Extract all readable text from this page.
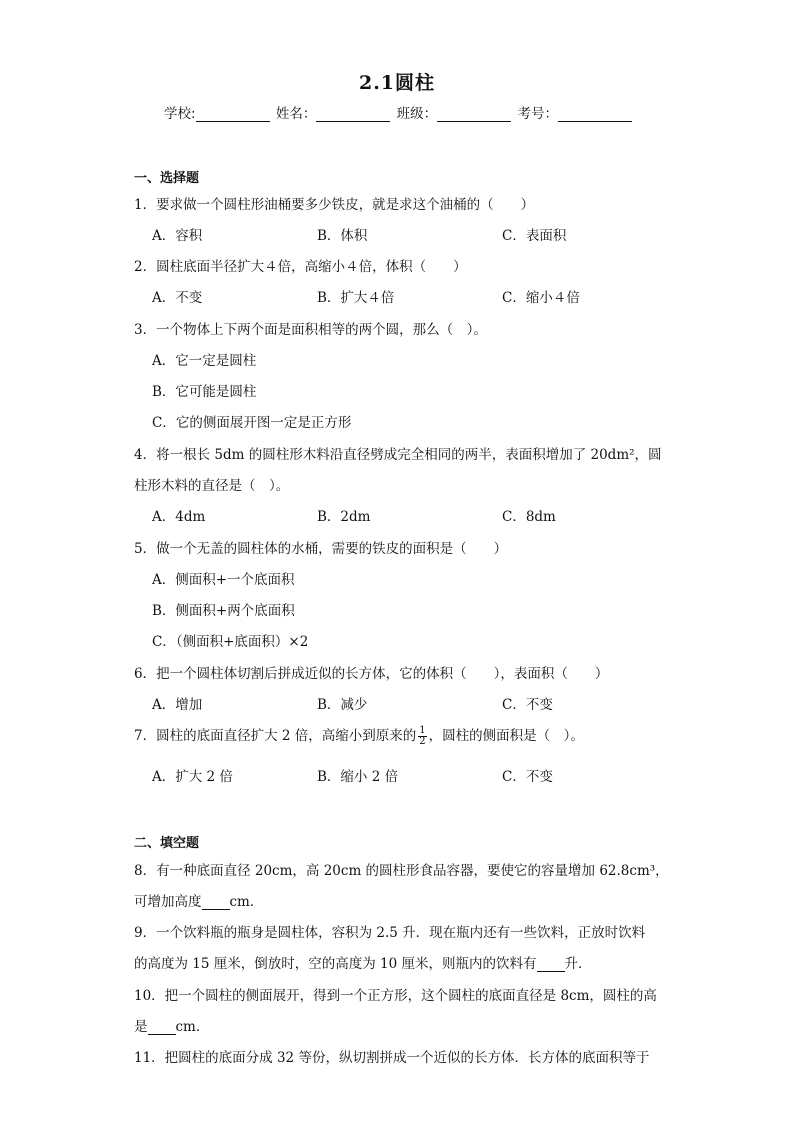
2.1圆柱
学校:	姓名：	班级：	考号：
一、选择题
1．要求做一个圆柱形油桶要多少铁皮，就是求这个油桶的（　　）
A．容积	B．体积	C．表面积
2．圆柱底面半径扩大４倍，高缩小４倍，体积（　　）
A．不变	B．扩大４倍	C．缩小４倍
3．一个物体上下两个面是面积相等的两个圆，那么（　）。
A．它一定是圆柱
B．它可能是圆柱
C．它的侧面展开图一定是正方形
4．将一根长 5dm 的圆柱形木料沿直径劈成完全相同的两半，表面积增加了 20dm²，圆
柱形木料的直径是（　）。
A．4dm	B．2dm	C．8dm
5．做一个无盖的圆柱体的水桶，需要的铁皮的面积是（　　）
A．侧面积+一个底面积
B．侧面积+两个底面积
C．（侧面积+底面积）×2
6．把一个圆柱体切割后拼成近似的长方体，它的体积（　　），表面积（　　）
A．增加	B．减少	C．不变
7．圆柱的底面直径扩大 2 倍，高缩小到原来的 $\frac{1}{2}$ ，圆柱的侧面积是（　）。
A．扩大 2 倍	B．缩小 2 倍	C．不变
二、填空题
8．有一种底面直径 20cm，高 20cm 的圆柱形食品容器，要使它的容量增加 62.8cm³，
可增加高度 cm．
9．一个饮料瓶的瓶身是圆柱体，容积为 2.5 升．现在瓶内还有一些饮料，正放时饮料
的高度为 15 厘米，倒放时，空的高度为 10 厘米，则瓶内的饮料有 升．
10．把一个圆柱的侧面展开，得到一个正方形，这个圆柱的底面直径是 8cm，圆柱的高
是 cm．
11．把圆柱的底面分成 32 等份，纵切割拼成一个近似的长方体．长方体的底面积等于
